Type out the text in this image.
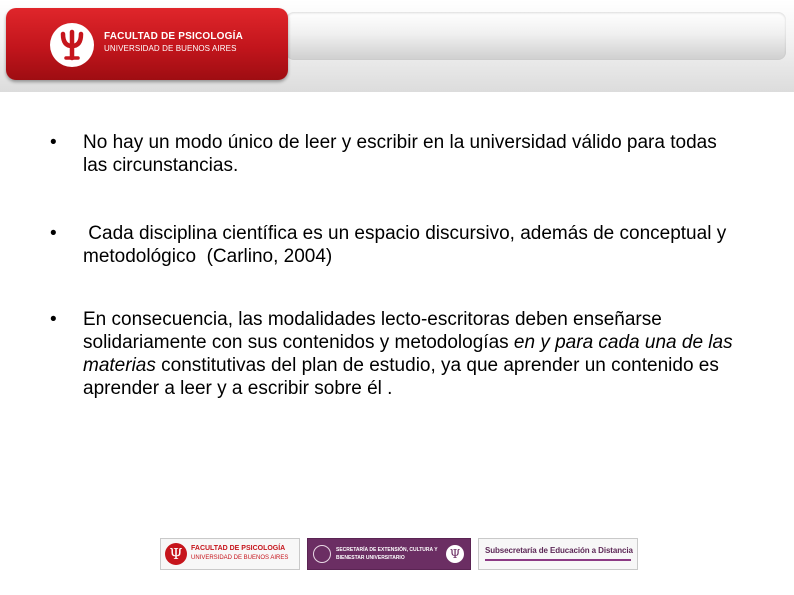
FACULTAD DE PSICOLOGÍA
UNIVERSIDAD DE BUENOS AIRES
•	No hay un modo único de leer y escribir en la universidad válido para todas las circunstancias.
•	Cada disciplina científica es un espacio discursivo, además de conceptual y metodológico  (Carlino, 2004)
•	En consecuencia, las modalidades lecto-escritoras deben enseñarse solidariamente con sus contenidos y metodologías en y para cada una de las materias constitutivas del plan de estudio, ya que aprender un contenido es aprender a leer y a escribir sobre él .
Ψ	FACULTAD DE PSICOLOGÍA
UNIVERSIDAD DE BUENOS AIRES
SECRETARÍA DE EXTENSIÓN, CULTURA Y
BIENESTAR UNIVERSITARIO	Ψ	Subsecretaría de Educación a Distancia
